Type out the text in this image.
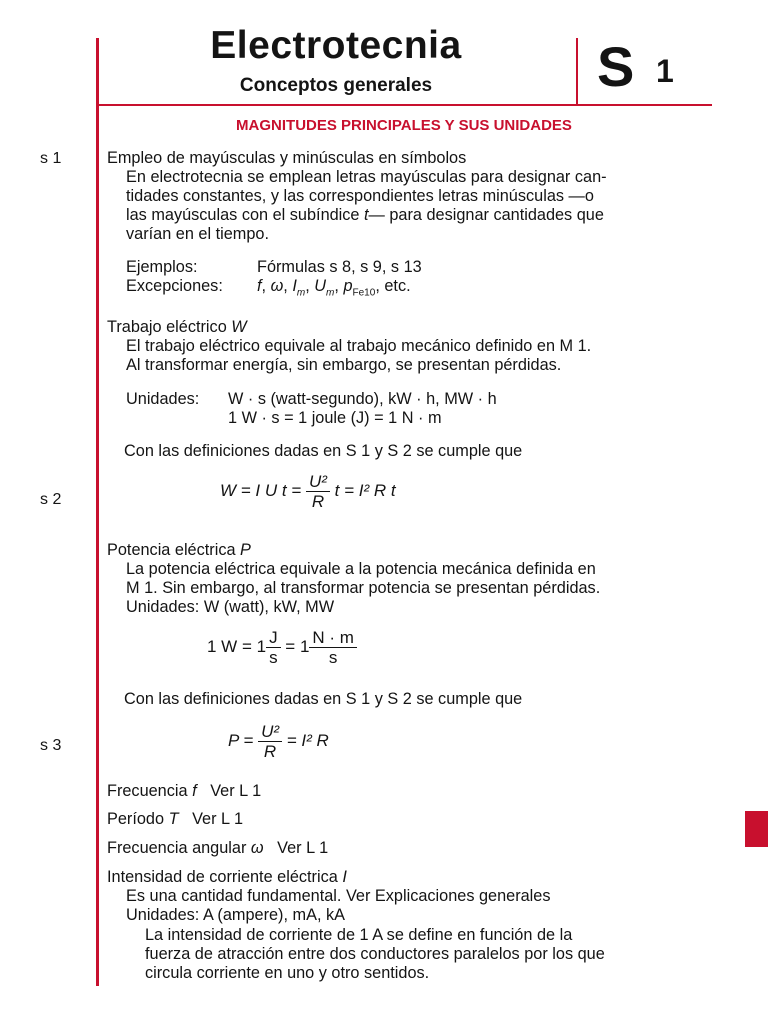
Electrotecnia
Conceptos generales	S 1
MAGNITUDES PRINCIPALES Y SUS UNIDADES
s 1
s 2
s 3
Empleo de mayúsculas y minúsculas en símbolos
En electrotecnia se emplean letras mayúsculas para designar can-
tidades constantes, y las correspondientes letras minúsculas —o
las mayúsculas con el subíndice t— para designar cantidades que
varían en el tiempo.
Ejemplos:	Fórmulas s 8, s 9, s 13
Excepciones: f, ω, $I_m$, $U_m$, $p_{Fe10}$, etc.
Trabajo eléctrico W
El trabajo eléctrico equivale al trabajo mecánico definido en M 1.
Al transformar energía, sin embargo, se presentan pérdidas.
Unidades: W · s (watt-segundo), kW · h, MW · h
1 W · s = 1 joule (J) = 1 N · m
Con las definiciones dadas en S 1 y S 2 se cumple que
W = I U $t = \frac{\text{U²}}{R}$ t = I² R t
Potencia eléctrica P
La potencia eléctrica equivale a la potencia mecánica definida en
M 1. Sin embargo, al transformar potencia se presentan pérdidas.
Unidades: W (watt), kW, MW
1 $W = 1 \frac{J}{s} = 1 \frac{N \cdot m}{s}$
Con las definiciones dadas en S 1 y S 2 se cumple que
$P = \frac{\text{U²}}{R} = I^2$ R
Frecuencia f Ver L 1
Período T Ver L 1
Frecuencia angular ω Ver L 1
Intensidad de corriente eléctrica I
Es una cantidad fundamental. Ver Explicaciones generales
Unidades: A (ampere), mA, kA
La intensidad de corriente de 1 A se define en función de la
fuerza de atracción entre dos conductores paralelos por los que
circula corriente en uno y otro sentidos.
